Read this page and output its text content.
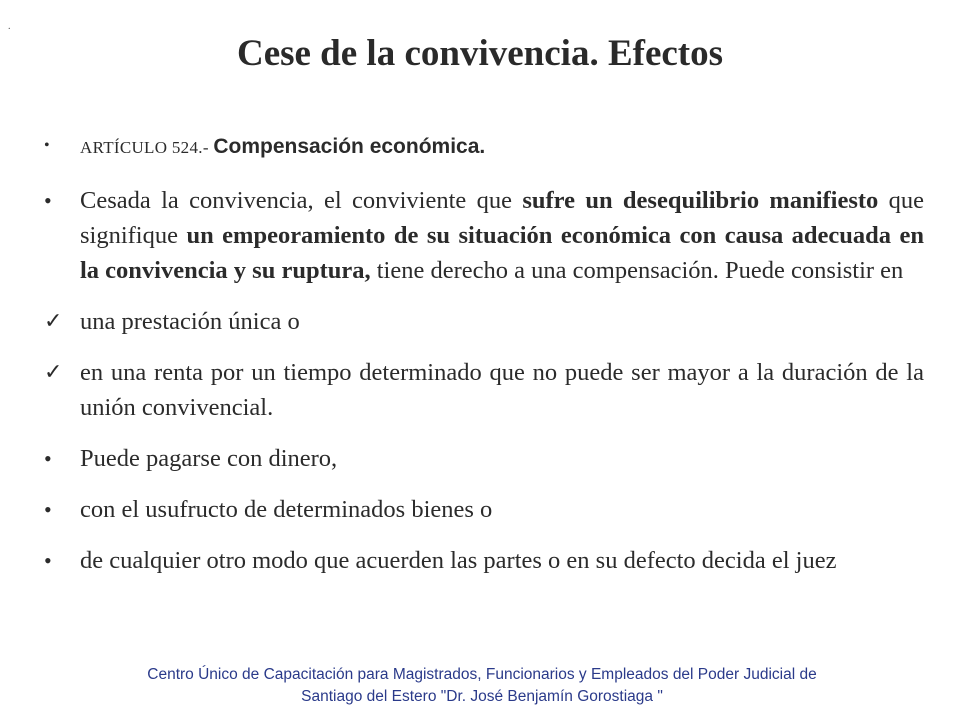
.
Cese de la convivencia. Efectos
•	ARTÍCULO 524.- Compensación económica.
•	Cesada la convivencia, el conviviente que sufre un desequilibrio manifiesto que signifique un empeoramiento de su situación económica con causa adecuada en la convivencia y su ruptura, tiene derecho a una compensación. Puede consistir en
✓ una prestación única o
✓ en una renta por un tiempo determinado que no puede ser mayor a la duración de la unión convivencial.
•	Puede pagarse con dinero,
•	con el usufructo de determinados bienes o
•	de cualquier otro modo que acuerden las partes o en su defecto decida el juez
Centro Único de Capacitación para Magistrados, Funcionarios y Empleados del Poder Judicial de
Santiago del Estero "Dr. José Benjamín Gorostiaga "
